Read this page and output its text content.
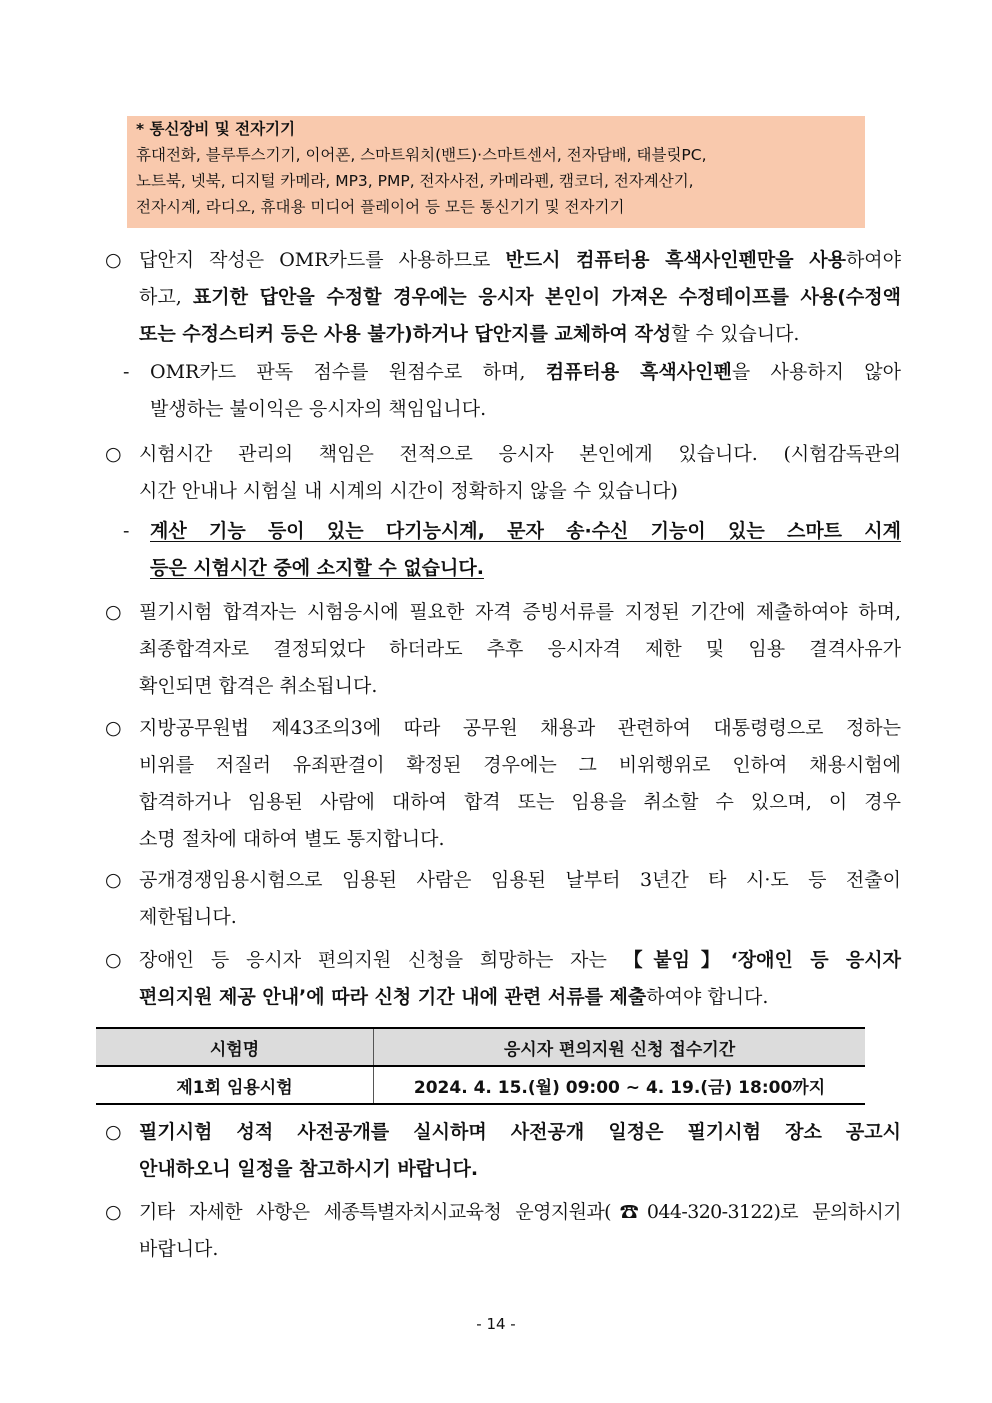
* 통신장비 및 전자기기
휴대전화, 블루투스기기, 이어폰, 스마트워치(밴드)·스마트센서, 전자담배, 태블릿PC,
노트북, 넷북, 디지털 카메라, MP3, PMP, 전자사전, 카메라펜, 캠코더, 전자계산기,
전자시계, 라디오, 휴대용 미디어 플레이어 등 모든 통신기기 및 전자기기
○ 답안지 작성은 OMR카드를 사용하므로 반드시 컴퓨터용 흑색사인펜만을 사용하여야
하고, 표기한 답안을 수정할 경우에는 응시자 본인이 가져온 수정테이프를 사용(수정액
또는 수정스티커 등은 사용 불가)하거나 답안지를 교체하여 작성할 수 있습니다.
- OMR카드 판독 점수를 원점수로 하며, 컴퓨터용 흑색사인펜을 사용하지 않아
발생하는 불이익은 응시자의 책임입니다.
○ 시험시간 관리의 책임은 전적으로 응시자 본인에게 있습니다. (시험감독관의
시간 안내나 시험실 내 시계의 시간이 정확하지 않을 수 있습니다)
- 계산 기능 등이 있는 다기능시계, 문자 송·수신 기능이 있는 스마트 시계
등은 시험시간 중에 소지할 수 없습니다.
○ 필기시험 합격자는 시험응시에 필요한 자격 증빙서류를 지정된 기간에 제출하여야 하며,
최종합격자로 결정되었다 하더라도 추후 응시자격 제한 및 임용 결격사유가
확인되면 합격은 취소됩니다.
○ 지방공무원법 제43조의3에 따라 공무원 채용과 관련하여 대통령령으로 정하는
비위를 저질러 유죄판결이 확정된 경우에는 그 비위행위로 인하여 채용시험에
합격하거나 임용된 사람에 대하여 합격 또는 임용을 취소할 수 있으며, 이 경우
소명 절차에 대하여 별도 통지합니다.
○ 공개경쟁임용시험으로 임용된 사람은 임용된 날부터 3년간 타 시·도 등 전출이
제한됩니다.
○ 장애인 등 응시자 편의지원 신청을 희망하는 자는 【붙임】‘장애인 등 응시자
편의지원 제공 안내’에 따라 신청 기간 내에 관련 서류를 제출하여야 합니다.
시험명	응시자 편의지원 신청 접수기간
제1회 임용시험	2024. 4. 15.(월) 09:00 ~ 4. 19.(금) 18:00까지
○ 필기시험 성적 사전공개를 실시하며 사전공개 일정은 필기시험 장소 공고시
안내하오니 일정을 참고하시기 바랍니다.
○ 기타 자세한 사항은 세종특별자치시교육청 운영지원과(☎044-320-3122)로 문의하시기
바랍니다.
- 14 -
